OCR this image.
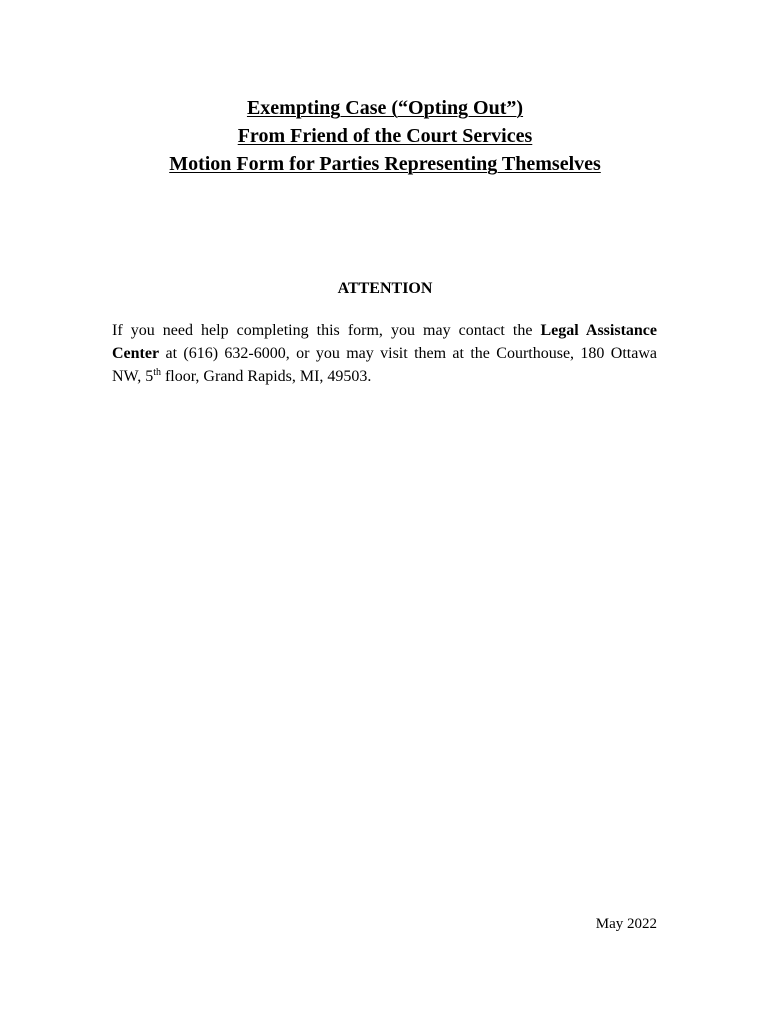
Exempting Case (“Opting Out”)
From Friend of the Court Services
Motion Form for Parties Representing Themselves
ATTENTION

If you need help completing this form, you may contact the Legal Assistance Center at (616) 632-6000, or you may visit them at the Courthouse, 180 Ottawa NW, 5th floor, Grand Rapids, MI, 49503.

May 2022
